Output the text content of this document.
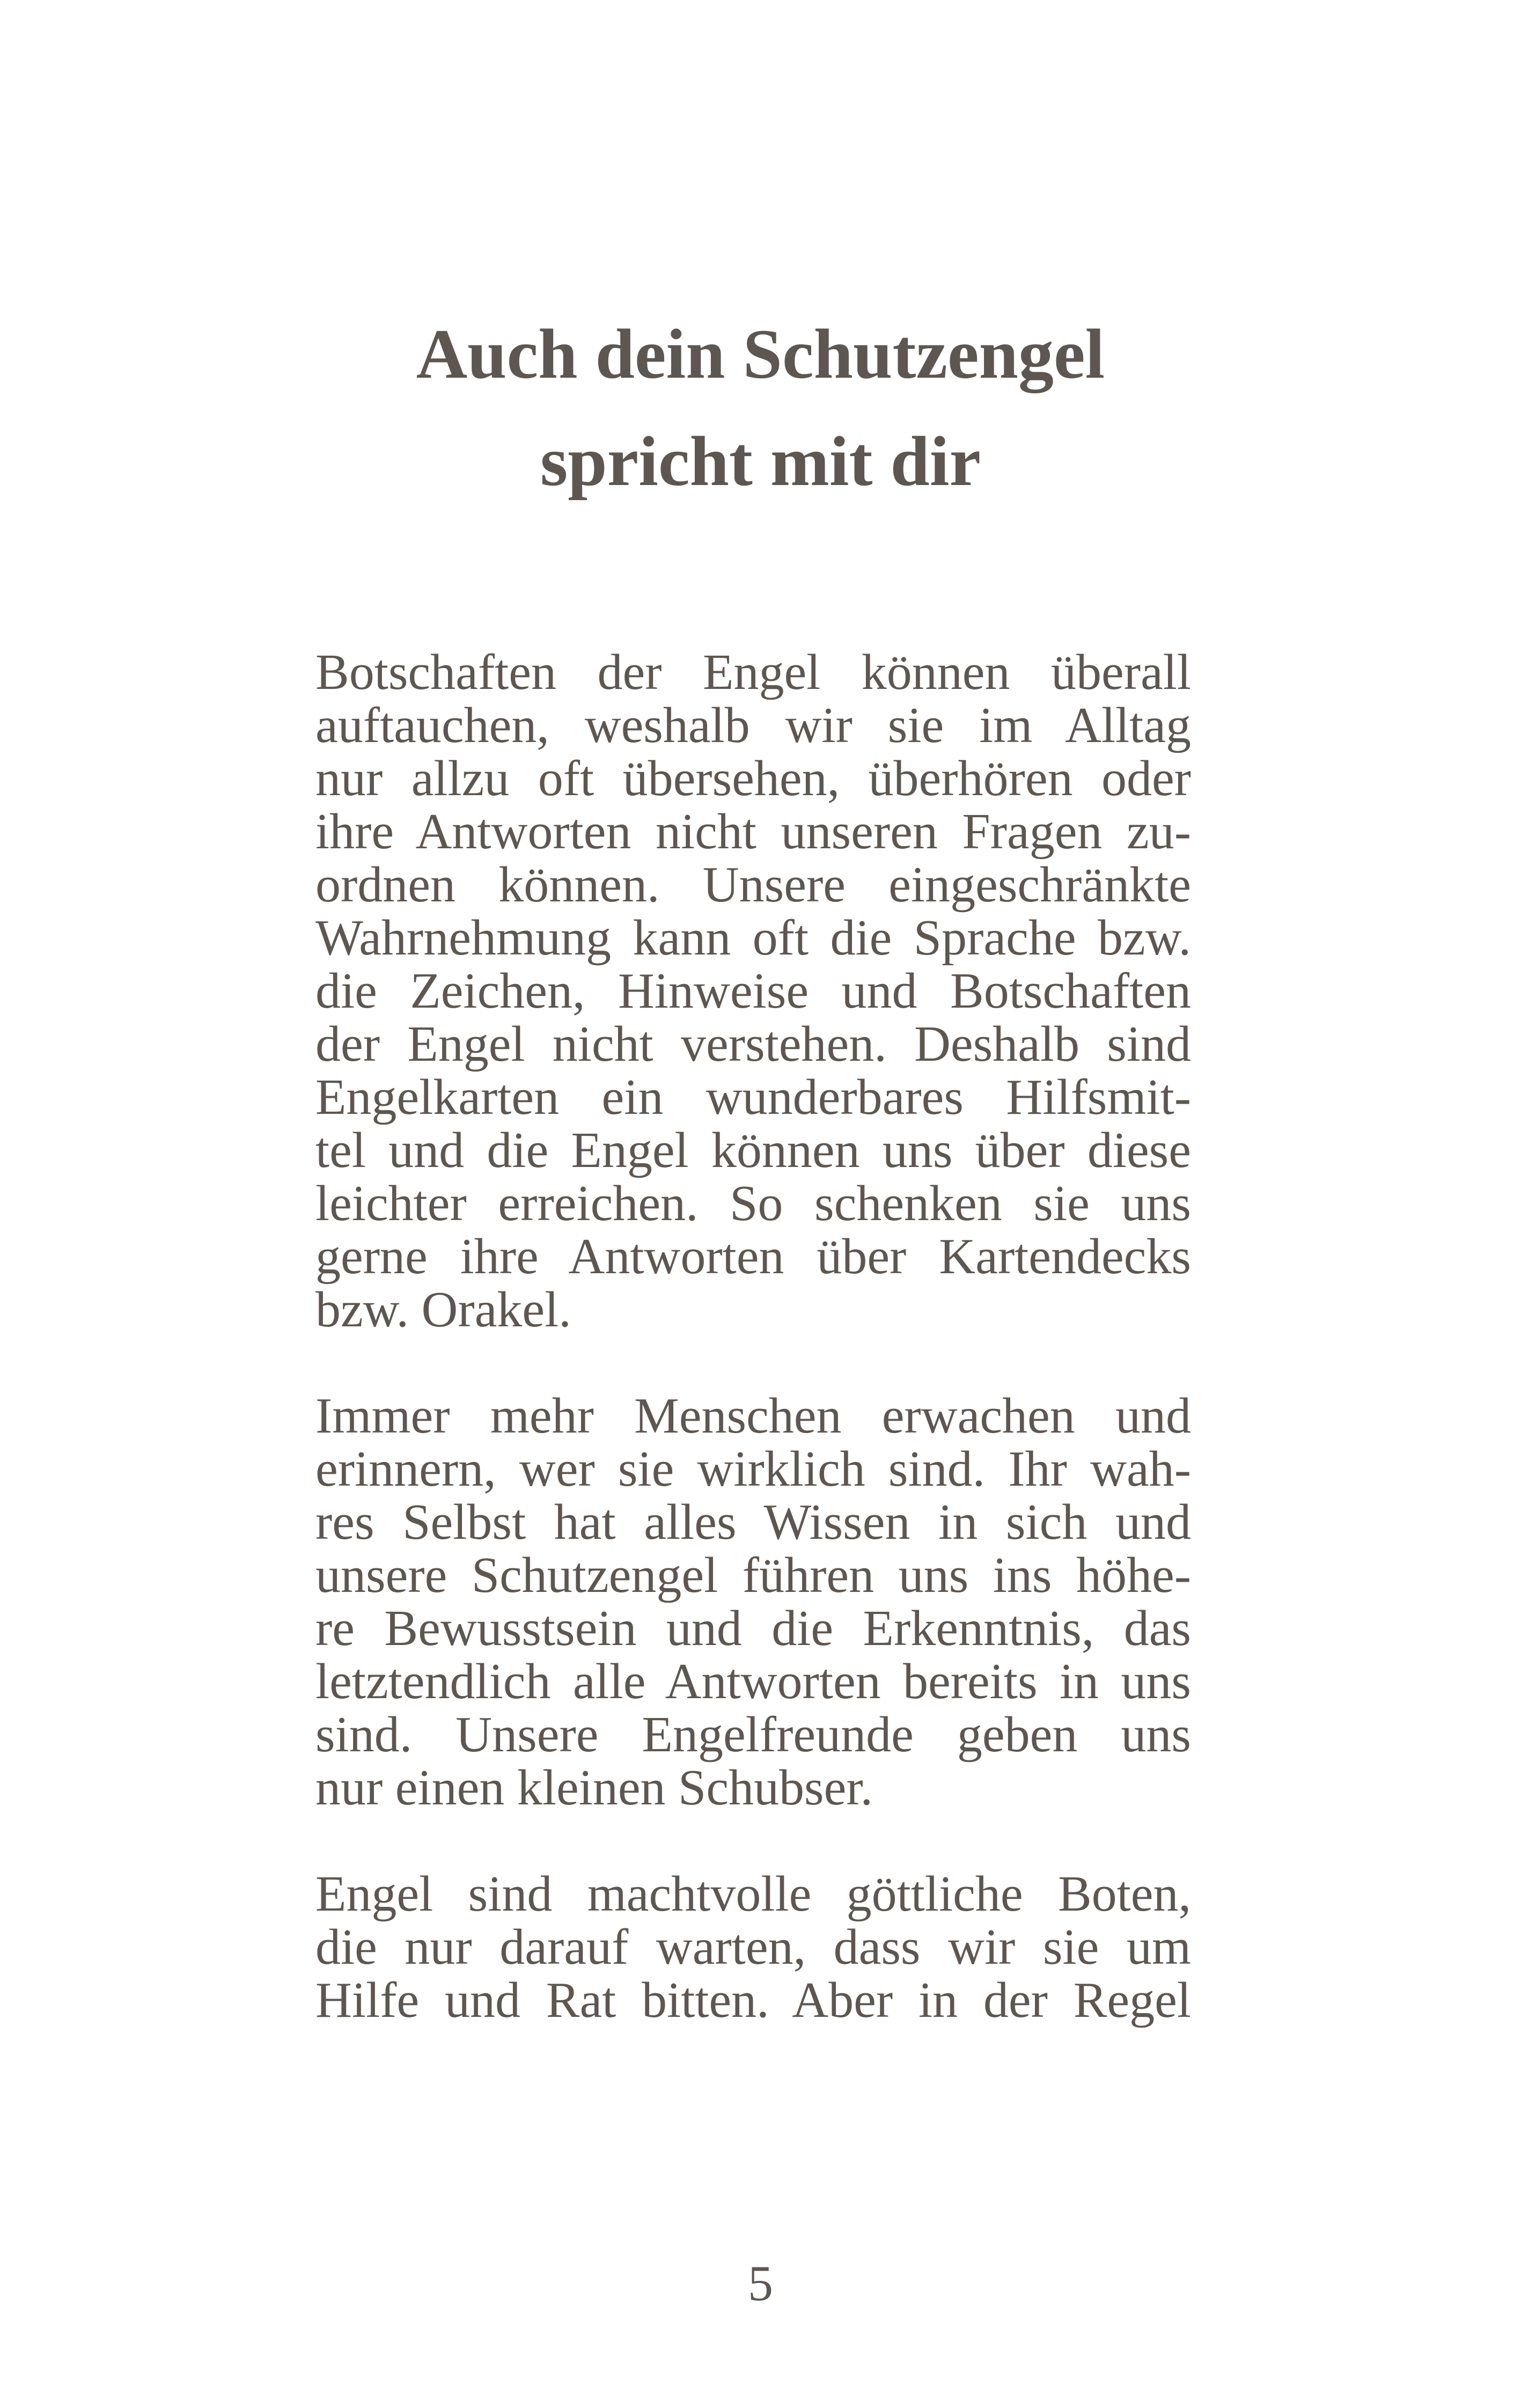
Auch dein Schutzengel
spricht mit dir
Botschaften der Engel können überall
auftauchen, weshalb wir sie im Alltag
nur allzu oft übersehen, überhören oder
ihre Antworten nicht unseren Fragen zu-
ordnen können. Unsere eingeschränkte
Wahrnehmung kann oft die Sprache bzw.
die Zeichen, Hinweise und Botschaften
der Engel nicht verstehen. Deshalb sind
Engelkarten ein wunderbares Hilfsmit-
tel und die Engel können uns über diese
leichter erreichen. So schenken sie uns
gerne ihre Antworten über Kartendecks
bzw. Orakel.
Immer mehr Menschen erwachen und
erinnern, wer sie wirklich sind. Ihr wah-
res Selbst hat alles Wissen in sich und
unsere Schutzengel führen uns ins höhe-
re Bewusstsein und die Erkenntnis, das
letztendlich alle Antworten bereits in uns
sind. Unsere Engelfreunde geben uns
nur einen kleinen Schubser.
Engel sind machtvolle göttliche Boten,
die nur darauf warten, dass wir sie um
Hilfe und Rat bitten. Aber in der Regel
5
